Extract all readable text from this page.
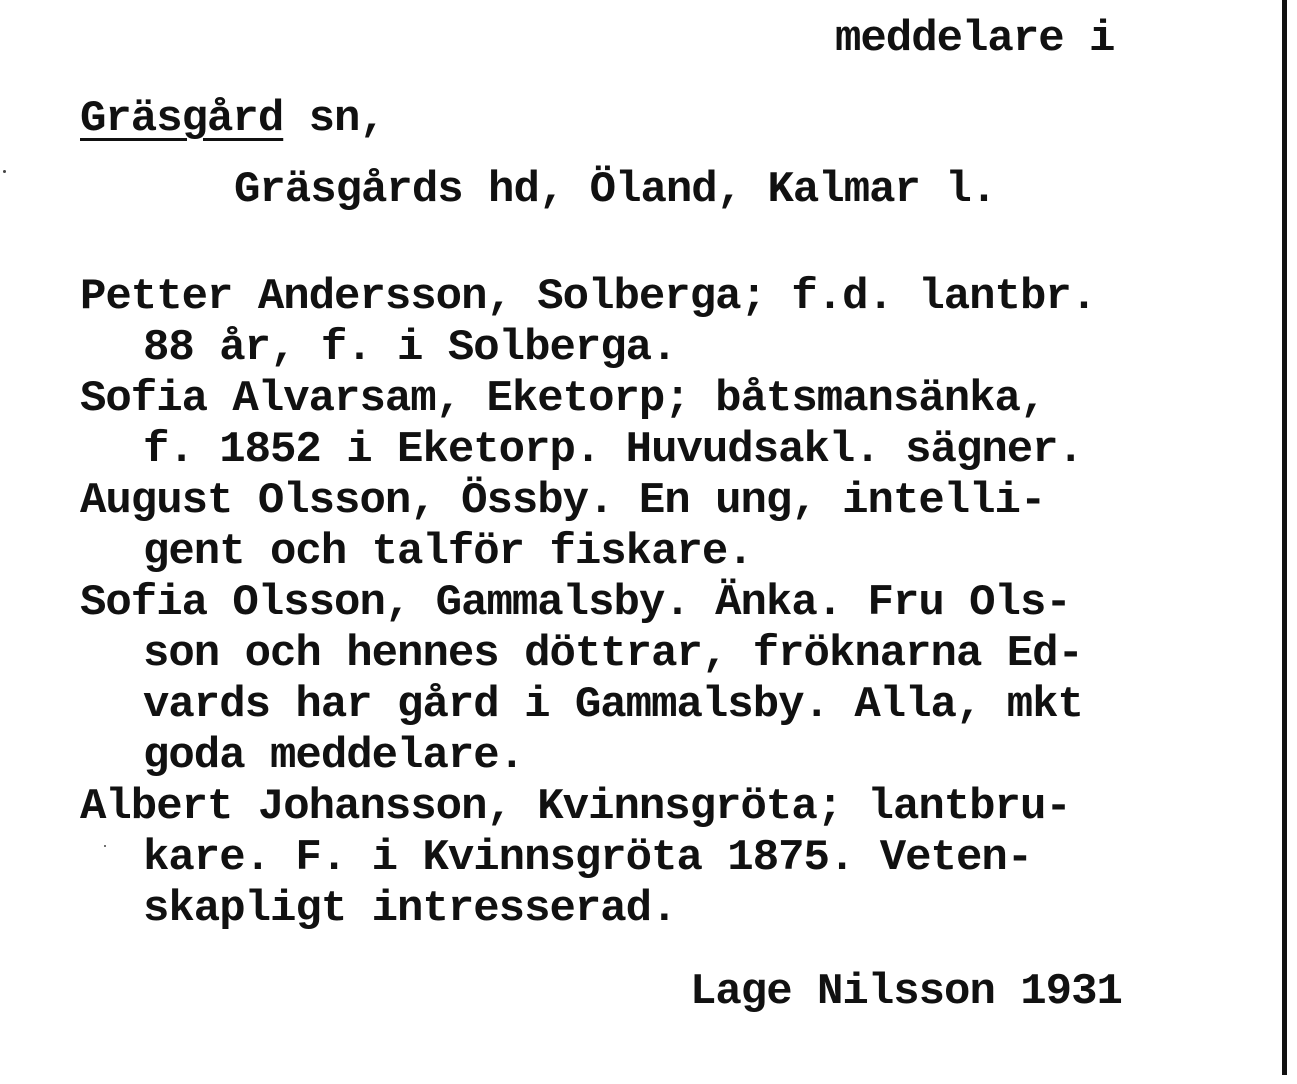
meddelare i
Gräsgård sn,
Gräsgårds hd, Öland, Kalmar l.
Petter Andersson, Solberga; f.d. lantbr.
88 år, f. i Solberga.
Sofia Alvarsam, Eketorp; båtsmansänka,
f. 1852 i Eketorp. Huvudsakl. sägner.
August Olsson, Össby. En ung, intelli-
gent och talför fiskare.
Sofia Olsson, Gammalsby. Änka. Fru Ols-
son och hennes döttrar, fröknarna Ed-
vards har gård i Gammalsby. Alla, mkt
goda meddelare.
Albert Johansson, Kvinnsgröta; lantbru-
kare. F. i Kvinnsgröta 1875. Veten-
skapligt intresserad.
Lage Nilsson 1931
